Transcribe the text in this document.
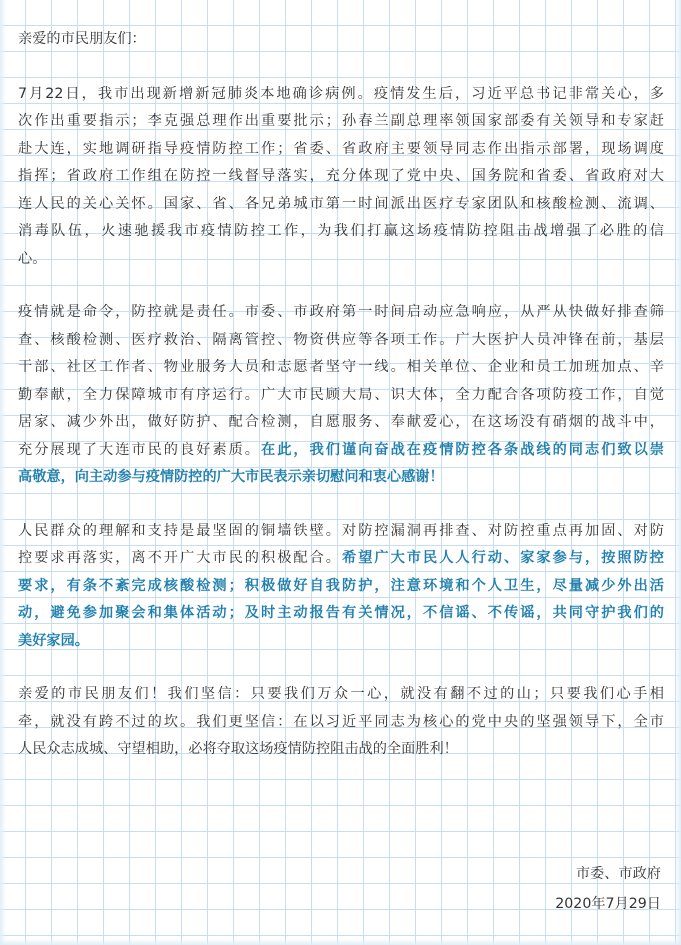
亲爱的市民朋友们：
7月22日，我市出现新增新冠肺炎本地确诊病例。疫情发生后，习近平总书记非常关心，多
次作出重要指示；李克强总理作出重要批示；孙春兰副总理率领国家部委有关领导和专家赶
赴大连，实地调研指导疫情防控工作；省委、省政府主要领导同志作出指示部署，现场调度
指挥；省政府工作组在防控一线督导落实，充分体现了党中央、国务院和省委、省政府对大
连人民的关心关怀。国家、省、各兄弟城市第一时间派出医疗专家团队和核酸检测、流调、
消毒队伍，火速驰援我市疫情防控工作，为我们打赢这场疫情防控阻击战增强了必胜的信
心。
疫情就是命令，防控就是责任。市委、市政府第一时间启动应急响应，从严从快做好排查筛
查、核酸检测、医疗救治、隔离管控、物资供应等各项工作。广大医护人员冲锋在前，基层
干部、社区工作者、物业服务人员和志愿者坚守一线。相关单位、企业和员工加班加点、辛
勤奉献，全力保障城市有序运行。广大市民顾大局、识大体，全力配合各项防疫工作，自觉
居家、减少外出，做好防护、配合检测，自愿服务、奉献爱心，在这场没有硝烟的战斗中，
充分展现了大连市民的良好素质。在此，我们谨向奋战在疫情防控各条战线的同志们致以崇
高敬意，向主动参与疫情防控的广大市民表示亲切慰问和衷心感谢！
人民群众的理解和支持是最坚固的铜墙铁壁。对防控漏洞再排查、对防控重点再加固、对防
控要求再落实，离不开广大市民的积极配合。希望广大市民人人行动、家家参与，按照防控
要求，有条不紊完成核酸检测；积极做好自我防护，注意环境和个人卫生，尽量减少外出活
动，避免参加聚会和集体活动；及时主动报告有关情况，不信谣、不传谣，共同守护我们的
美好家园。
亲爱的市民朋友们！我们坚信：只要我们万众一心，就没有翻不过的山；只要我们心手相
牵，就没有跨不过的坎。我们更坚信：在以习近平同志为核心的党中央的坚强领导下，全市
人民众志成城、守望相助，必将夺取这场疫情防控阻击战的全面胜利！
市委、市政府
2020年7月29日
